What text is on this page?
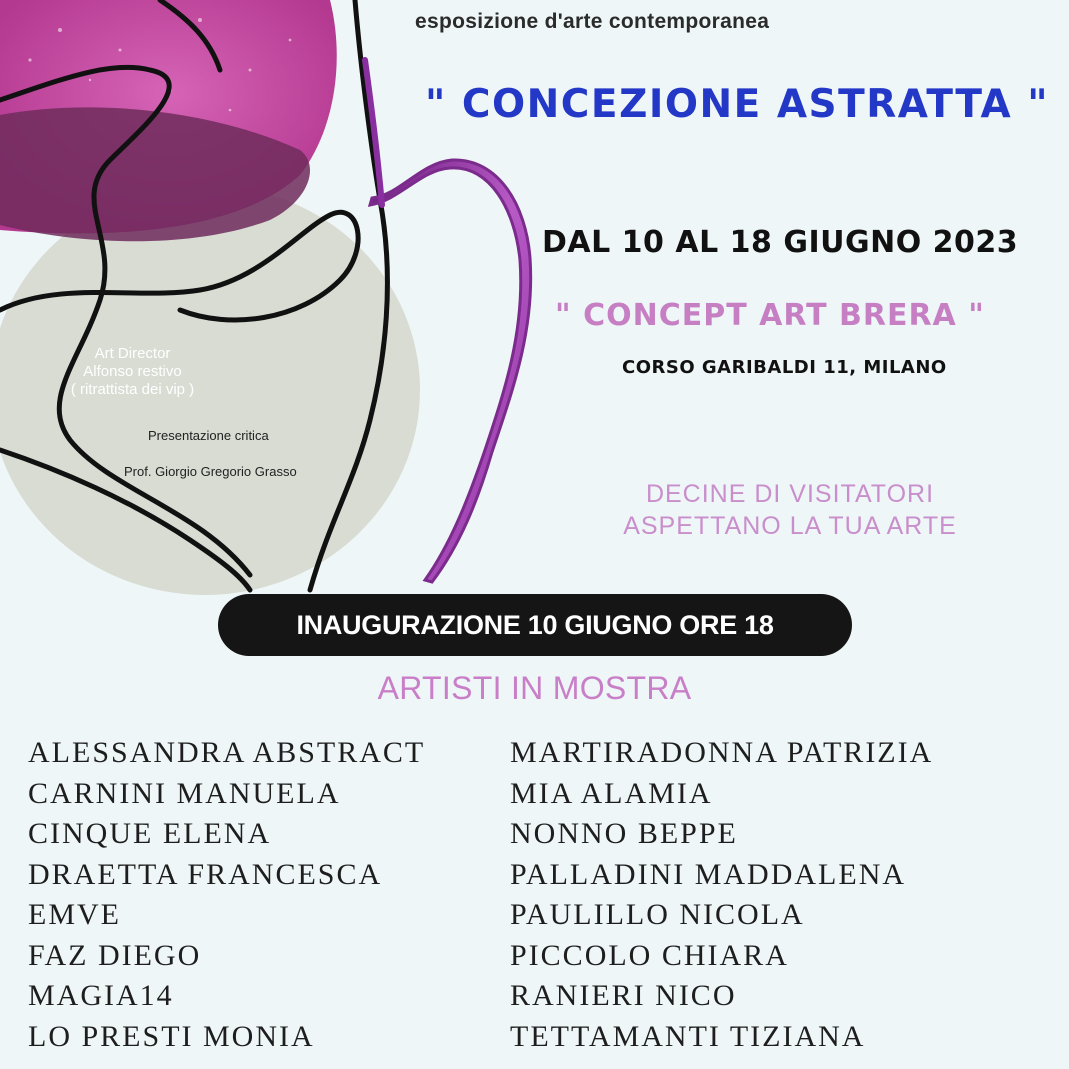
esposizione d'arte contemporanea

" CONCEZIONE ASTRATTA "

DAL 10 AL 18 GIUGNO 2023

" CONCEPT ART BRERA "

CORSO GARIBALDI 11, MILANO

DECINE DI VISITATORI
ASPETTANO LA TUA ARTE
Art Director
Alfonso restivo
( ritrattista dei vip )

Presentazione critica

Prof. Giorgio Gregorio Grasso

INAUGURAZIONE 10 GIUGNO ORE 18

ARTISTI IN MOSTRA

ALESSANDRA ABSTRACT
CARNINI MANUELA
CINQUE ELENA
DRAETTA FRANCESCA
EMVE
FAZ DIEGO
MAGIA14
LO PRESTI MONIA
MARTIRADONNA PATRIZIA
MIA ALAMIA
NONNO BEPPE
PALLADINI MADDALENA
PAULILLO NICOLA
PICCOLO CHIARA
RANIERI NICO
TETTAMANTI TIZIANA
